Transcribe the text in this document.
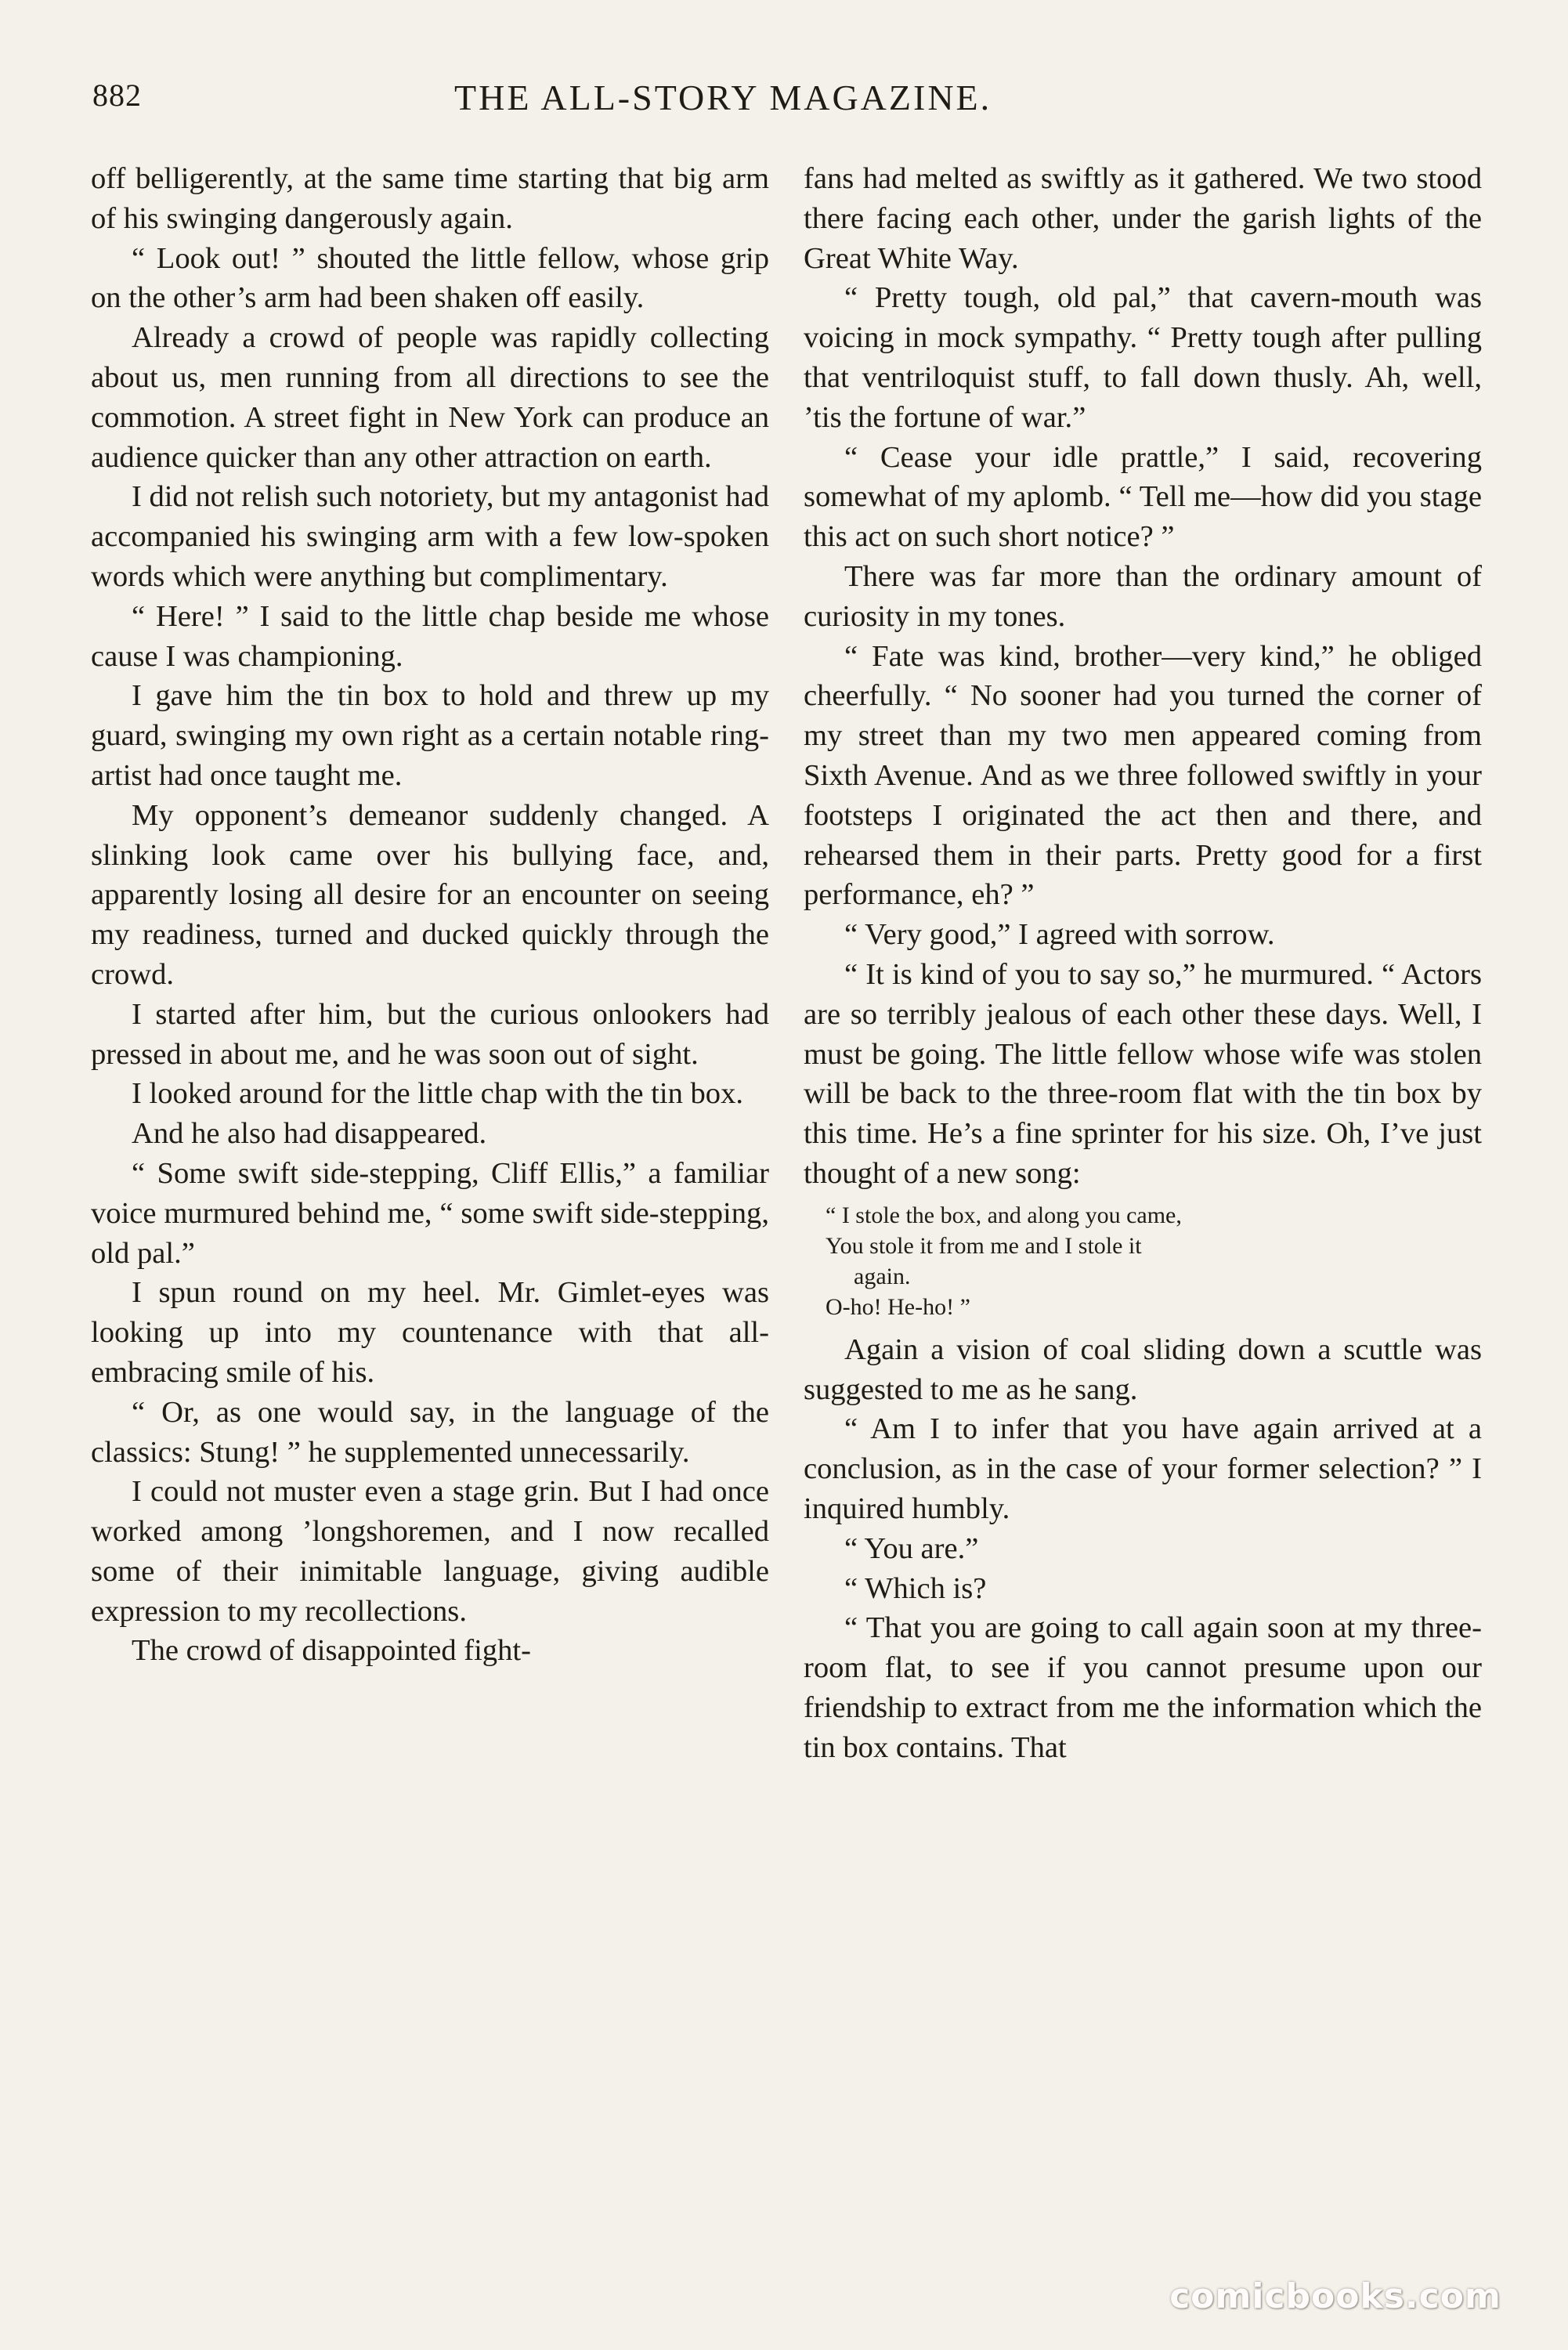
882	THE ALL-STORY MAGAZINE.

off belligerently, at the same time starting that big arm of his swinging dangerously again.

“ Look out! ” shouted the little fellow, whose grip on the other’s arm had been shaken off easily.

Already a crowd of people was rapidly collecting about us, men running from all directions to see the commotion. A street fight in New York can produce an audience quicker than any other attraction on earth.

I did not relish such notoriety, but my antagonist had accompanied his swinging arm with a few low-spoken words which were anything but complimentary.

“ Here! ” I said to the little chap beside me whose cause I was championing.

I gave him the tin box to hold and threw up my guard, swinging my own right as a certain notable ring-artist had once taught me.

My opponent’s demeanor suddenly changed. A slinking look came over his bullying face, and, apparently losing all desire for an encounter on seeing my readiness, turned and ducked quickly through the crowd.

I started after him, but the curious onlookers had pressed in about me, and he was soon out of sight.

I looked around for the little chap with the tin box.

And he also had disappeared.

“ Some swift side-stepping, Cliff Ellis,” a familiar voice murmured behind me, “ some swift side-stepping, old pal.”

I spun round on my heel. Mr. Gimlet-eyes was looking up into my countenance with that all-embracing smile of his.

“ Or, as one would say, in the language of the classics: Stung! ” he supplemented unnecessarily.

I could not muster even a stage grin. But I had once worked among ’longshoremen, and I now recalled some of their inimitable language, giving audible expression to my recollections.

The crowd of disappointed fight-

fans had melted as swiftly as it gathered. We two stood there facing each other, under the garish lights of the Great White Way.

“ Pretty tough, old pal,” that cavern-mouth was voicing in mock sympathy. “ Pretty tough after pulling that ventriloquist stuff, to fall down thusly. Ah, well, ’tis the fortune of war.”

“ Cease your idle prattle,” I said, recovering somewhat of my aplomb. “ Tell me—how did you stage this act on such short notice? ”

There was far more than the ordinary amount of curiosity in my tones.

“ Fate was kind, brother—very kind,” he obliged cheerfully. “ No sooner had you turned the corner of my street than my two men appeared coming from Sixth Avenue. And as we three followed swiftly in your footsteps I originated the act then and there, and rehearsed them in their parts. Pretty good for a first performance, eh? ”

“ Very good,” I agreed with sorrow.

“ It is kind of you to say so,” he murmured. “ Actors are so terribly jealous of each other these days. Well, I must be going. The little fellow whose wife was stolen will be back to the three-room flat with the tin box by this time. He’s a fine sprinter for his size. Oh, I’ve just thought of a new song:

“ I stole the box, and along you came,
You stole it from me and I stole it
again.
O-ho! He-ho! ”

Again a vision of coal sliding down a scuttle was suggested to me as he sang.

“ Am I to infer that you have again arrived at a conclusion, as in the case of your former selection? ” I inquired humbly.

“ You are.”

“ Which is?

“ That you are going to call again soon at my three-room flat, to see if you cannot presume upon our friendship to extract from me the information which the tin box contains. That

comicbooks.com
